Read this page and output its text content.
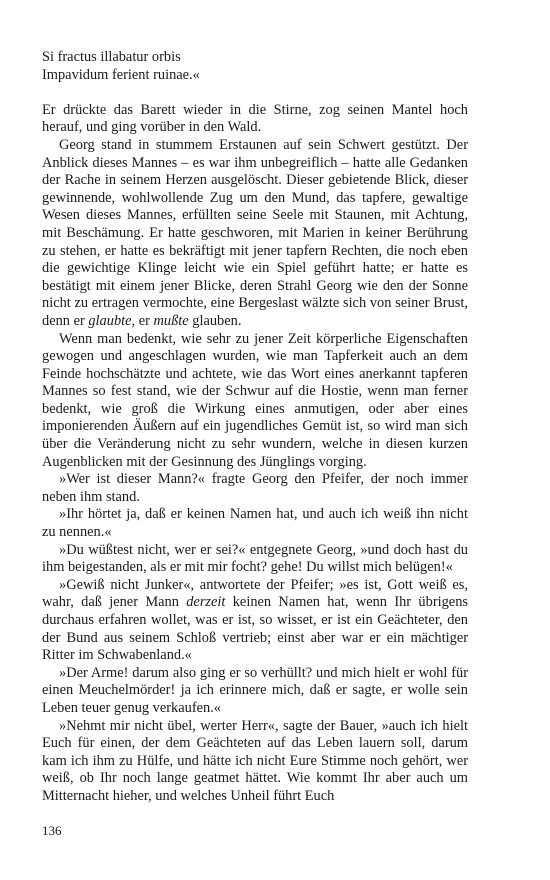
Si fractus illabatur orbis
Impavidum ferient ruinae.«

Er drückte das Barett wieder in die Stirne, zog seinen Mantel hoch herauf, und ging vorüber in den Wald.

Georg stand in stummem Erstaunen auf sein Schwert gestützt. Der Anblick dieses Mannes – es war ihm unbegreiflich – hatte alle Gedanken der Rache in seinem Herzen ausgelöscht. Dieser gebietende Blick, dieser gewinnende, wohlwollende Zug um den Mund, das tapfere, gewaltige Wesen dieses Mannes, erfüllten seine Seele mit Staunen, mit Achtung, mit Beschämung. Er hatte geschworen, mit Marien in keiner Berührung zu stehen, er hatte es bekräftigt mit jener tapfern Rechten, die noch eben die gewichtige Klinge leicht wie ein Spiel geführt hatte; er hatte es bestätigt mit einem jener Blicke, deren Strahl Georg wie den der Sonne nicht zu ertragen vermochte, eine Bergeslast wälzte sich von seiner Brust, denn er glaubte, er mußte glauben.

Wenn man bedenkt, wie sehr zu jener Zeit körperliche Eigenschaften gewogen und angeschlagen wurden, wie man Tapferkeit auch an dem Feinde hochschätzte und achtete, wie das Wort eines anerkannt tapferen Mannes so fest stand, wie der Schwur auf die Hostie, wenn man ferner bedenkt, wie groß die Wirkung eines anmutigen, oder aber eines imponierenden Äußern auf ein jugendliches Gemüt ist, so wird man sich über die Veränderung nicht zu sehr wundern, welche in diesen kurzen Augenblicken mit der Gesinnung des Jünglings vorging.

»Wer ist dieser Mann?« fragte Georg den Pfeifer, der noch immer neben ihm stand.

»Ihr hörtet ja, daß er keinen Namen hat, und auch ich weiß ihn nicht zu nennen.«

»Du wüßtest nicht, wer er sei?« entgegnete Georg, »und doch hast du ihm beigestanden, als er mit mir focht? gehe! Du willst mich belügen!«

»Gewiß nicht Junker«, antwortete der Pfeifer; »es ist, Gott weiß es, wahr, daß jener Mann derzeit keinen Namen hat, wenn Ihr übrigens durchaus erfahren wollet, was er ist, so wisset, er ist ein Geächteter, den der Bund aus seinem Schloß vertrieb; einst aber war er ein mächtiger Ritter im Schwabenland.«

»Der Arme! darum also ging er so verhüllt? und mich hielt er wohl für einen Meuchelmörder! ja ich erinnere mich, daß er sagte, er wolle sein Leben teuer genug verkaufen.«

»Nehmt mir nicht übel, werter Herr«, sagte der Bauer, »auch ich hielt Euch für einen, der dem Geächteten auf das Leben lauern soll, darum kam ich ihm zu Hülfe, und hätte ich nicht Eure Stimme noch gehört, wer weiß, ob Ihr noch lange geatmet hättet. Wie kommt Ihr aber auch um Mitternacht hieher, und welches Unheil führt Euch

136
